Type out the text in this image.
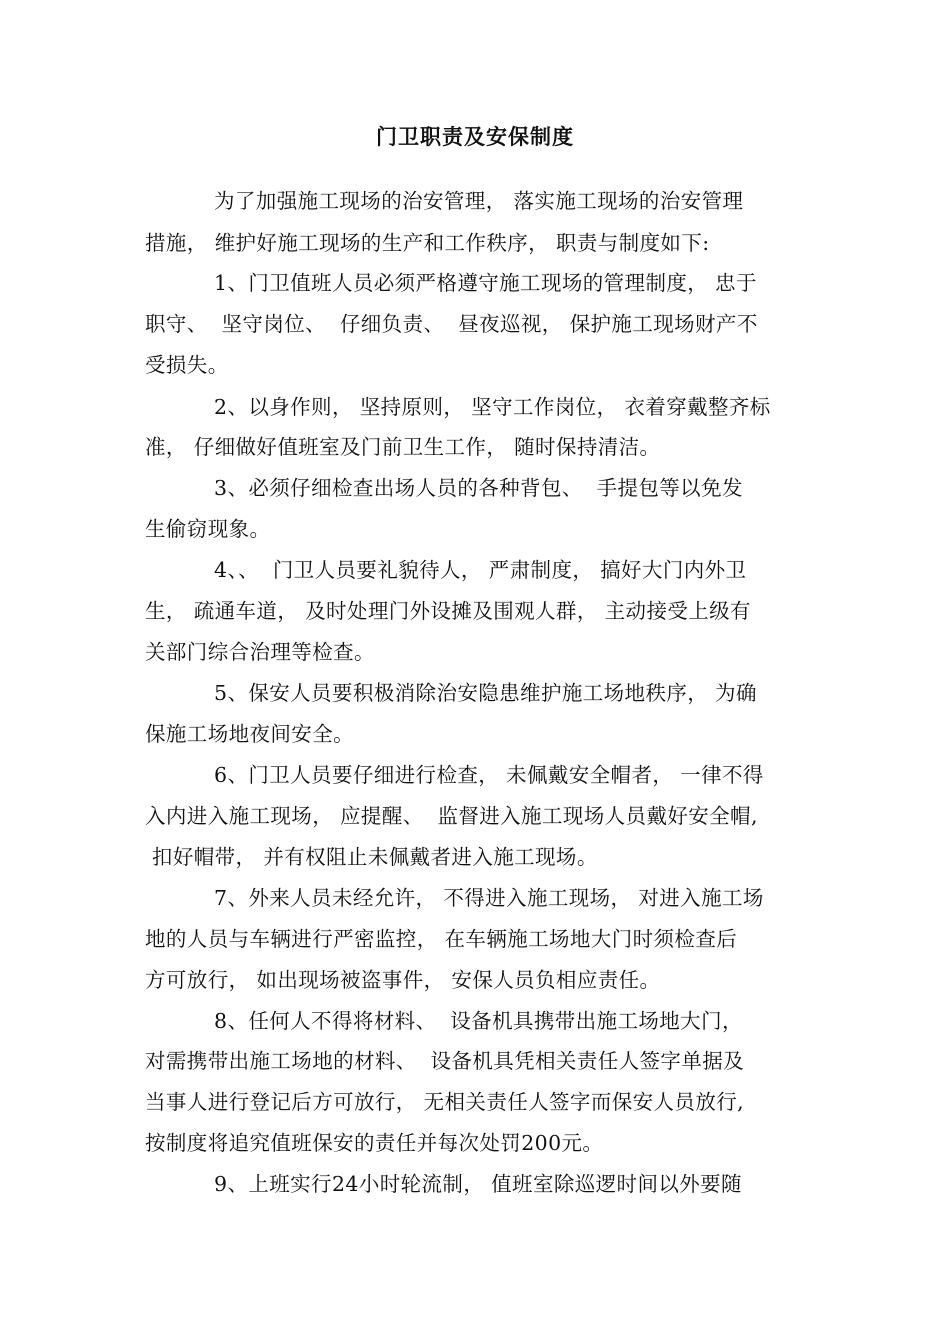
门卫职责及安保制度
为了加强施工现场的治安管理， 落实施工现场的治安管理
措施， 维护好施工现场的生产和工作秩序， 职责与制度如下:
1、门卫值班人员必须严格遵守施工现场的管理制度， 忠于
职守、  坚守岗位、  仔细负责、  昼夜巡视， 保护施工现场财产不
受损失。
2、以身作则， 坚持原则， 坚守工作岗位， 衣着穿戴整齐标
准， 仔细做好值班室及门前卫生工作， 随时保持清洁。
3、必须仔细检查出场人员的各种背包、  手提包等以免发
生偷窃现象。
4、、  门卫人员要礼貌待人， 严肃制度， 搞好大门内外卫
生， 疏通车道， 及时处理门外设摊及围观人群， 主动接受上级有
关部门综合治理等检查。
5、保安人员要积极消除治安隐患维护施工场地秩序， 为确
保施工场地夜间安全。
6、门卫人员要仔细进行检查， 未佩戴安全帽者， 一律不得
入内进入施工现场， 应提醒、  监督进入施工现场人员戴好安全帽,
扣好帽带， 并有权阻止未佩戴者进入施工现场。
7、外来人员未经允许， 不得进入施工现场， 对进入施工场
地的人员与车辆进行严密监控， 在车辆施工场地大门时须检查后
方可放行， 如出现场被盗事件， 安保人员负相应责任。
8、任何人不得将材料、  设备机具携带出施工场地大门，
对需携带出施工场地的材料、  设备机具凭相关责任人签字单据及
当事人进行登记后方可放行， 无相关责任人签字而保安人员放行,
按制度将追究值班保安的责任并每次处罚200元。
9、上班实行24小时轮流制， 值班室除巡逻时间以外要随
